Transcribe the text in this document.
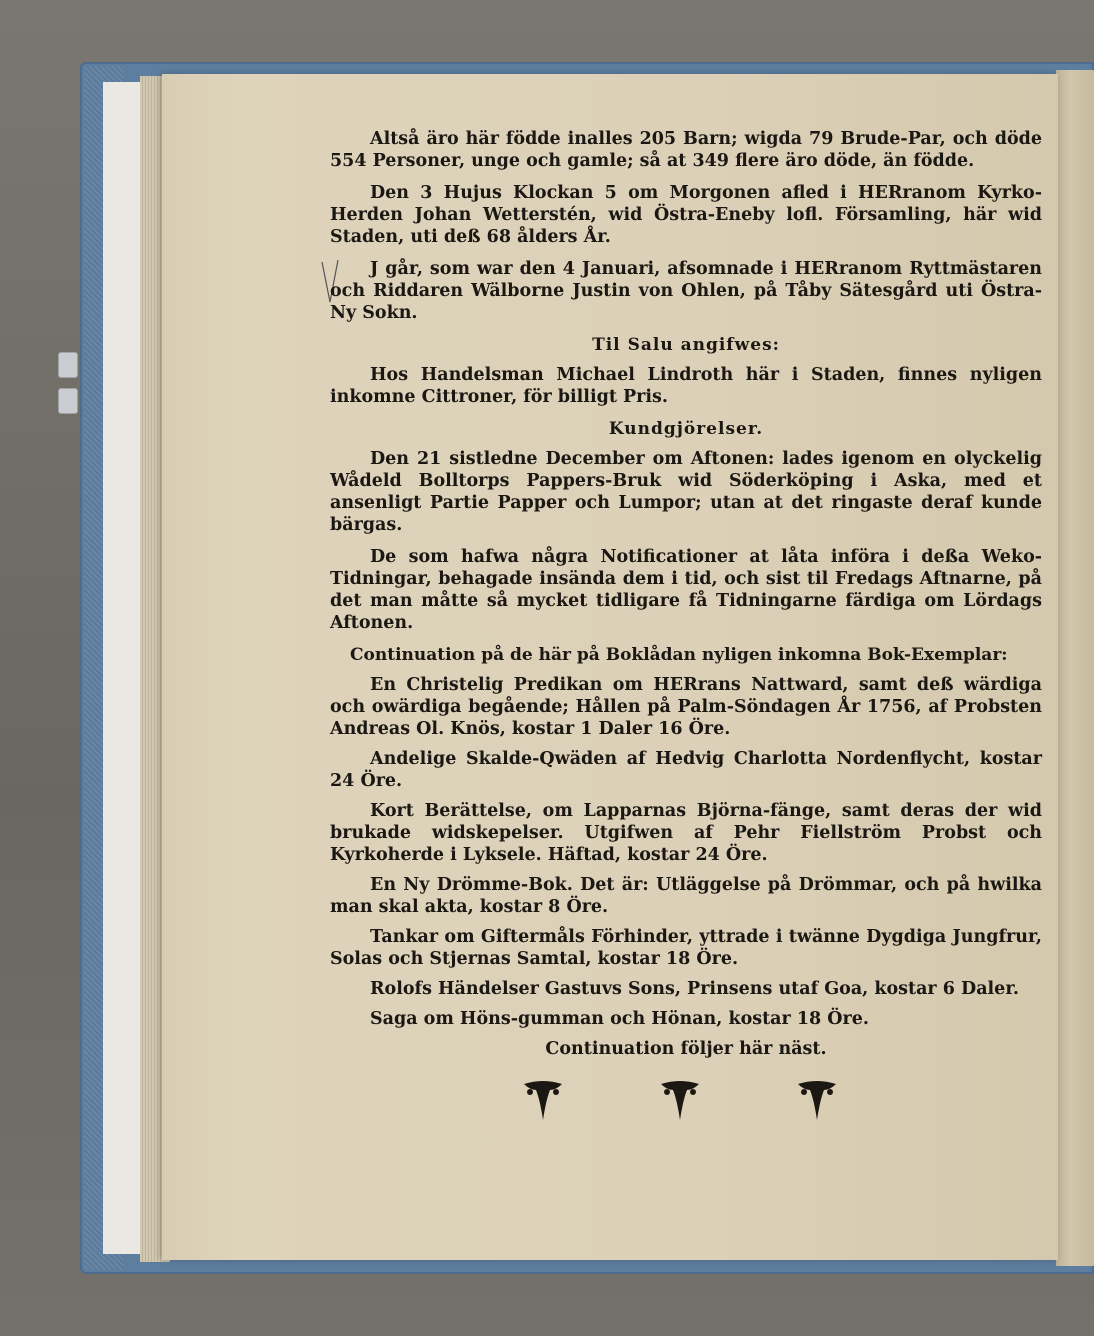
Altså äro här födde inalles 205 Barn; wigda 79 Brude-Par, och döde 554 Personer, unge och gamle; så at 349 flere äro döde, än födde.

Den 3 Hujus Klockan 5 om Morgonen afled i HERranom Kyrko-Herden Johan Wetterstén, wid Östra-Eneby lofl. Församling, här wid Staden, uti deß 68 ålders År.

J går, som war den 4 Januari, afsomnade i HERranom Ryttmästaren och Riddaren Wälborne Justin von Ohlen, på Tåby Sätesgård uti Östra-Ny Sokn.

Til Salu angifwes:

Hos Handelsman Michael Lindroth här i Staden, finnes nyligen inkomne Cittroner, för billigt Pris.

Kundgjörelser.

Den 21 sistledne December om Aftonen: lades igenom en olyckelig Wådeld Bolltorps Pappers-Bruk wid Söderköping i Aska, med et ansenligt Partie Papper och Lumpor; utan at det ringaste deraf kunde bärgas.

De som hafwa några Notificationer at låta införa i deßa Weko-Tidningar, behagade insända dem i tid, och sist til Fredags Aftnarne, på det man måtte så mycket tidligare få Tidningarne färdiga om Lördags Aftonen.

Continuation på de här på Boklådan nyligen inkomna Bok-Exemplar:

En Christelig Predikan om HERrans Nattward, samt deß wärdiga och owärdiga begående; Hållen på Palm-Söndagen År 1756, af Probsten Andreas Ol. Knös, kostar 1 Daler 16 Öre.

Andelige Skalde-Qwäden af Hedvig Charlotta Nordenflycht, kostar 24 Öre.

Kort Berättelse, om Lapparnas Björna-fänge, samt deras der wid brukade widskepelser. Utgifwen af Pehr Fiellström Probst och Kyrkoherde i Lyksele. Häftad, kostar 24 Öre.

En Ny Drömme-Bok. Det är: Utläggelse på Drömmar, och på hwilka man skal akta, kostar 8 Öre.

Tankar om Giftermåls Förhinder, yttrade i twänne Dygdiga Jungfrur, Solas och Stjernas Samtal, kostar 18 Öre.

Rolofs Händelser Gastuvs Sons, Prinsens utaf Goa, kostar 6 Daler.

Saga om Höns-gumman och Hönan, kostar 18 Öre.

Continuation följer här näst.
